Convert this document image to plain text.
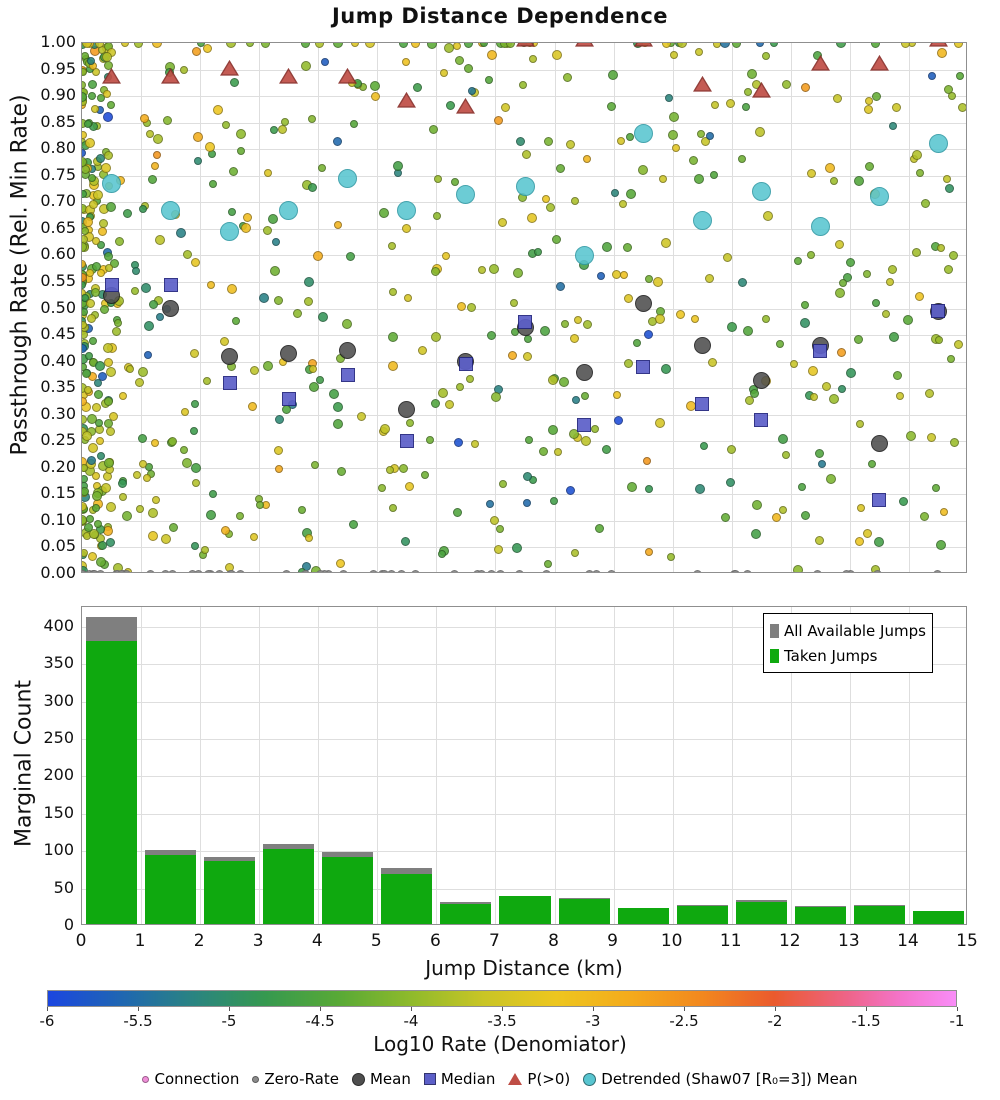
Jump Distance Dependence
Passthrough Rate (Rel. Min Rate)
0.00
0.05
0.10
0.15
0.20
0.25
0.30
0.35
0.40
0.45
0.50
0.55
0.60
0.65
0.70
0.75
0.80
0.85
0.90
0.95
1.00
Marginal Count
All Available Jumps
Taken Jumps
0
50
100
150
200
250
300
350
400
0	1	2	3	4	5	6	7	8	9	10	11	12	13	14	15
Jump Distance (km)
-6	-5.5	-5	-4.5	-4	-3.5	-3	-2.5	-2	-1.5	-1
Log10 Rate (Denomiator)
Connection Zero-Rate Mean Median P(>0) Detrended (Shaw07 [R₀=3]) Mean
